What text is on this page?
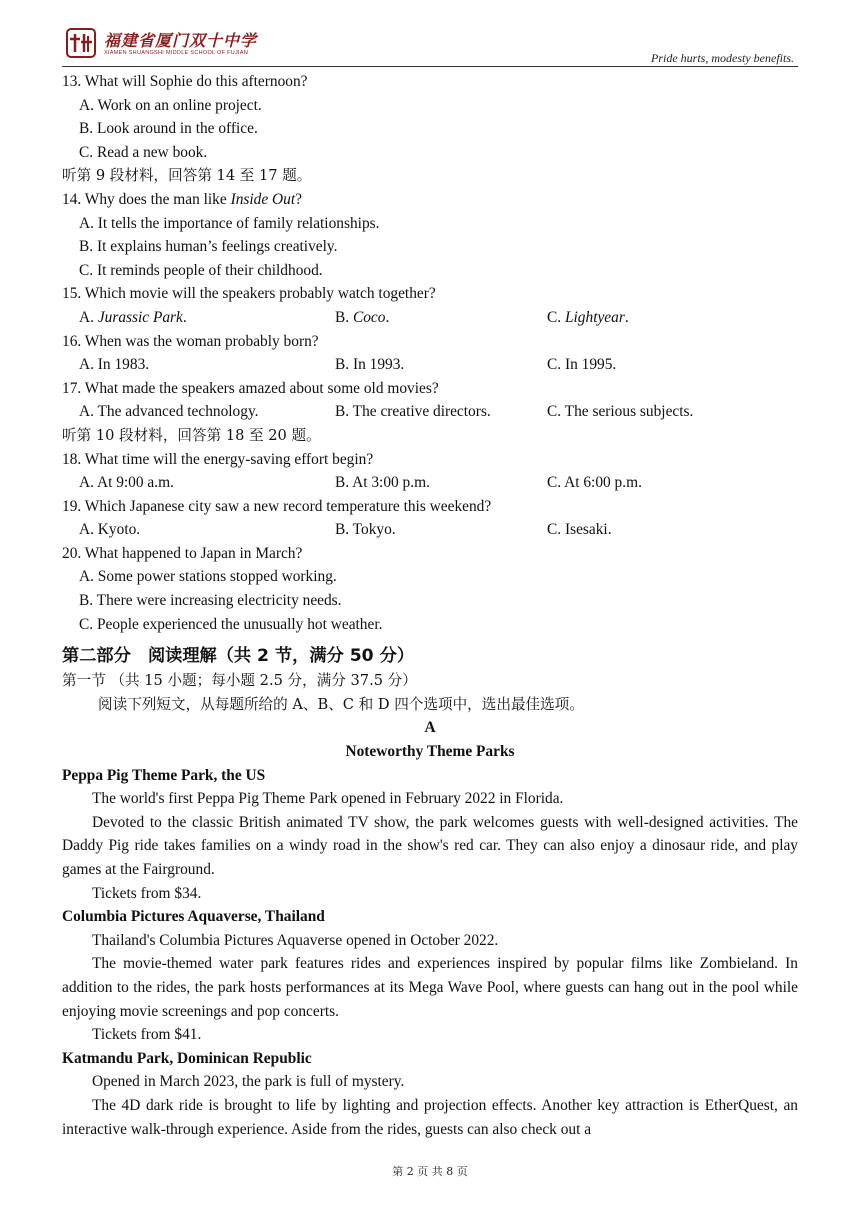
福建省厦门双十中学
XIAMEN SHUANGSHI MIDDLE SCHOOL OF FUJIAN	Pride hurts, modesty benefits.

13. What will Sophie do this afternoon?

A. Work on an online project.

B. Look around in the office.

C. Read a new book.

听第 9 段材料，回答第 14 至 17 题。

14. Why does the man like Inside Out?

A. It tells the importance of family relationships.

B. It explains human’s feelings creatively.

C. It reminds people of their childhood.

15. Which movie will the speakers probably watch together?

A. Jurassic Park.	B. Coco.	C. Lightyear.

16. When was the woman probably born?

A. In 1983.	B. In 1993.	C. In 1995.

17. What made the speakers amazed about some old movies?

A. The advanced technology.	B. The creative directors.	C. The serious subjects.

听第 10 段材料，回答第 18 至 20 题。

18. What time will the energy-saving effort begin?

A. At 9:00 a.m.	B. At 3:00 p.m.	C. At 6:00 p.m.

19. Which Japanese city saw a new record temperature this weekend?

A. Kyoto.	B. Tokyo.	C. Isesaki.

20. What happened to Japan in March?

A. Some power stations stopped working.

B. There were increasing electricity needs.

C. People experienced the unusually hot weather.

第二部分　阅读理解（共 2 节，满分 50 分）

第一节 （共 15 小题；每小题 2.5 分，满分 37.5 分）

阅读下列短文，从每题所给的 A、B、C 和 D 四个选项中，选出最佳选项。

A

Noteworthy Theme Parks

Peppa Pig Theme Park, the US

The world's first Peppa Pig Theme Park opened in February 2022 in Florida.

Devoted to the classic British animated TV show, the park welcomes guests with well-designed activities. The Daddy Pig ride takes families on a windy road in the show's red car. They can also enjoy a dinosaur ride, and play games at the Fairground.

Tickets from $34.

Columbia Pictures Aquaverse, Thailand

Thailand's Columbia Pictures Aquaverse opened in October 2022.

The movie-themed water park features rides and experiences inspired by popular films like Zombieland. In addition to the rides, the park hosts performances at its Mega Wave Pool, where guests can hang out in the pool while enjoying movie screenings and pop concerts.

Tickets from $41.

Katmandu Park, Dominican Republic

Opened in March 2023, the park is full of mystery.

The 4D dark ride is brought to life by lighting and projection effects. Another key attraction is EtherQuest, an interactive walk-through experience. Aside from the rides, guests can also check out a

第 2 页 共 8 页
